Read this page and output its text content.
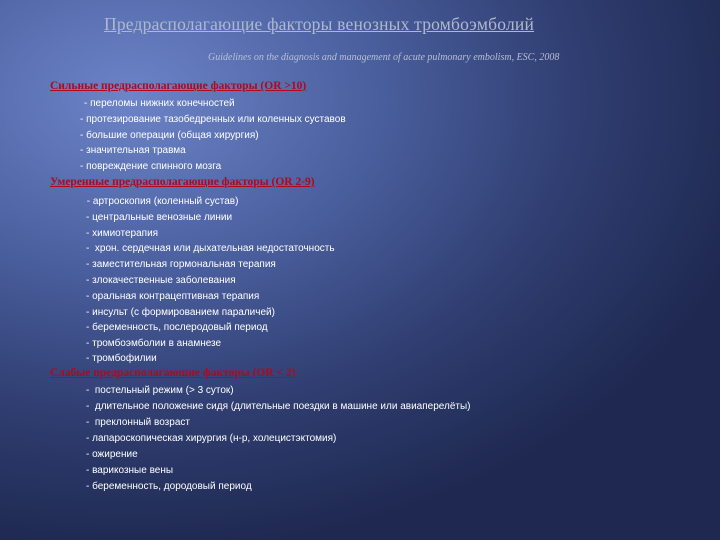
Предрасполагающие факторы венозных тромбоэмболий
Guidelines on the diagnosis and management of acute pulmonary embolism, ESC, 2008
Сильные предрасполагающие факторы (OR >10)
- переломы нижних конечностей
- протезирование тазобедренных или коленных суставов
- большие операции (общая хирургия)
- значительная травма
- повреждение спинного мозга
Умеренные предрасполагающие факторы (OR 2-9)
- артроскопия (коленный сустав)
- центральные венозные линии
- химиотерапия
-  хрон. сердечная или дыхательная недостаточность
- заместительная гормональная терапия
- злокачественные заболевания
- оральная контрацептивная терапия
- инсульт (с формированием параличей)
- беременность, послеродовый период
- тромбоэмболии в анамнезе
- тромбофилии
Слабые предрасполагающие факторы (OR < 2)
-  постельный режим (> 3 суток)
-  длительное положение сидя (длительные поездки в машине или авиаперелёты)
-  преклонный возраст
- лапароскопическая хирургия (н-р, холецистэктомия)
- ожирение
- варикозные вены
- беременность, дородовый период
